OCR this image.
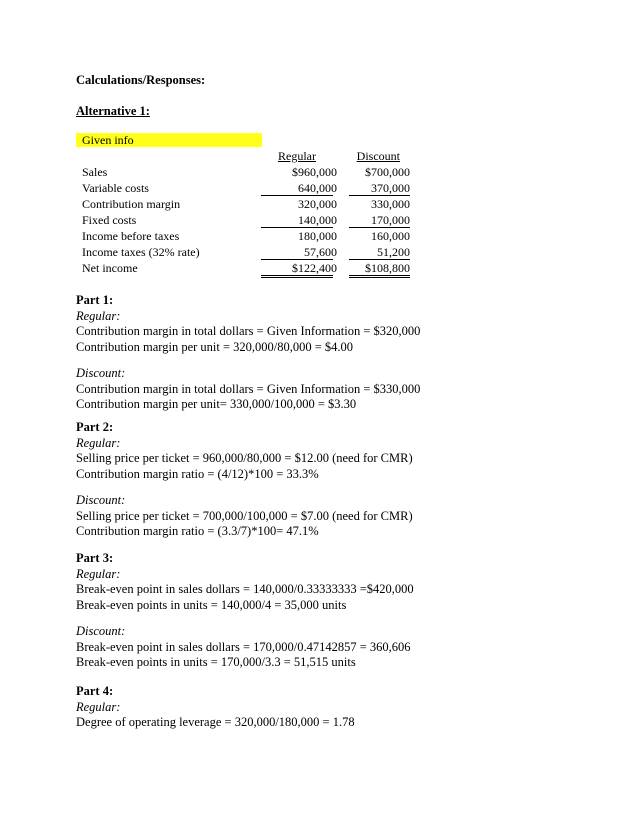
Calculations/Responses:
Alternative 1:
Given info
Regular	Discount
Sales	$960,000 $700,000
Variable costs	640,000	370,000
Contribution margin	320,000	330,000
Fixed costs	140,000	170,000
Income before taxes	180,000	160,000
Income taxes (32% rate)	57,600	51,200
Net income	$122,400 $108,800
Part 1:
Regular:
Contribution margin in total dollars = Given Information = $320,000
Contribution margin per unit = 320,000/80,000 = $4.00
Discount:
Contribution margin in total dollars = Given Information = $330,000
Contribution margin per unit= 330,000/100,000 = $3.30
Part 2:
Regular:
Selling price per ticket = 960,000/80,000 = $12.00 (need for CMR)
Contribution margin ratio = (4/12)*100 = 33.3%
Discount:
Selling price per ticket = 700,000/100,000 = $7.00 (need for CMR)
Contribution margin ratio = (3.3/7)*100= 47.1%
Part 3:
Regular:
Break-even point in sales dollars = 140,000/0.33333333 =$420,000
Break-even points in units = 140,000/4 = 35,000 units
Discount:
Break-even point in sales dollars = 170,000/0.47142857 = 360,606
Break-even points in units = 170,000/3.3 = 51,515 units
Part 4:
Regular:
Degree of operating leverage = 320,000/180,000 = 1.78
